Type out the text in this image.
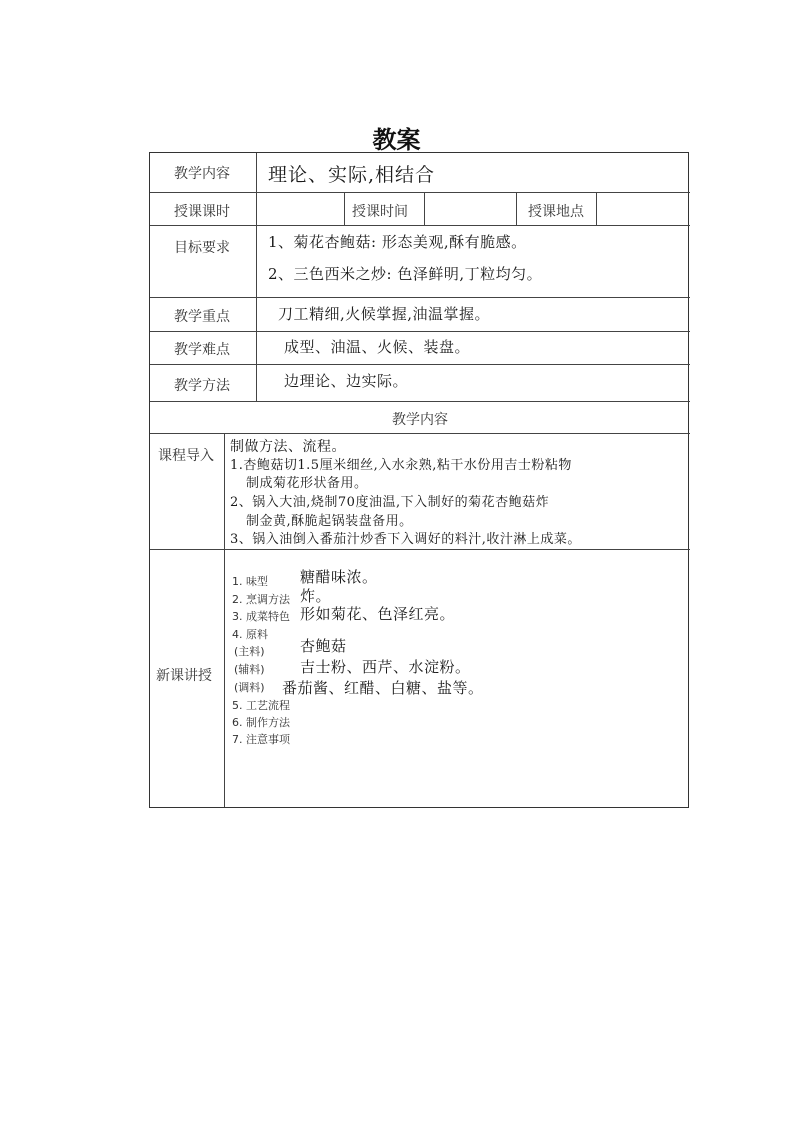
教案
教学内容 理论、实际,相结合
授课课时	授课时间	授课地点
目标要求	1、菊花杏鲍菇: 形态美观,酥有脆感。
2、三色西米之炒: 色泽鲜明,丁粒均匀。
教学重点	刀工精细,火候掌握,油温掌握。
教学难点	成型、油温、火候、装盘。
教学方法	边理论、边实际。
教学内容
课程导入
制做方法、流程。
1.杏鲍菇切1.5厘米细丝,入水汆熟,粘干水份用吉士粉粘物
制成菊花形状备用。
2、锅入大油,烧制70度油温,下入制好的菊花杏鲍菇炸
制金黄,酥脆起锅装盘备用。
3、锅入油倒入番茄汁炒香下入调好的料汁,收汁淋上成菜。
新课讲授
1. 味型 糖醋味浓。
2. 烹调方法 炸。
3. 成菜特色 形如菊花、色泽红亮。
4. 原料
(主料) 杏鲍菇
(辅料) 吉士粉、西芹、水淀粉。
(调料) 番茄酱、红醋、白糖、盐等。
5. 工艺流程
6. 制作方法
7. 注意事项
